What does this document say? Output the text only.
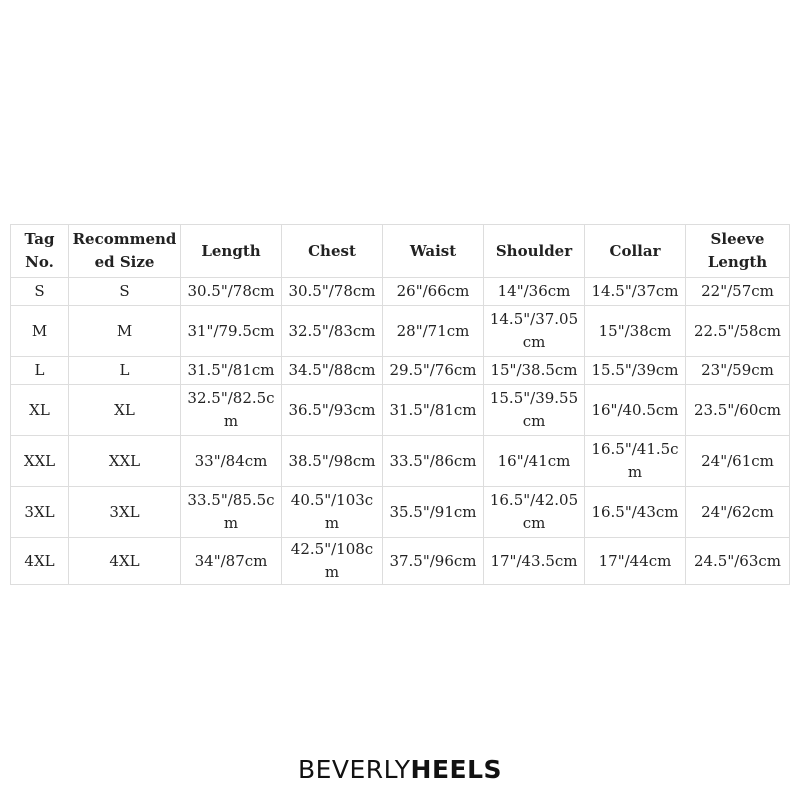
Tag No.	Recommended Size	Length	Chest	Waist	Shoulder	Collar	Sleeve Length
S	S	30.5"/78cm	30.5"/78cm	26"/66cm	14"/36cm	14.5"/37cm	22"/57cm
M	M	31"/79.5cm	32.5"/83cm	28"/71cm	14.5"/37.05cm	15"/38cm	22.5"/58cm
L	L	31.5"/81cm	34.5"/88cm	29.5"/76cm	15"/38.5cm	15.5"/39cm	23"/59cm
XL	XL	32.5"/82.5cm	36.5"/93cm	31.5"/81cm	15.5"/39.55cm	16"/40.5cm	23.5"/60cm
XXL	XXL	33"/84cm	38.5"/98cm	33.5"/86cm	16"/41cm	16.5"/41.5cm	24"/61cm
3XL	3XL	33.5"/85.5cm	40.5"/103cm	35.5"/91cm	16.5"/42.05cm	16.5"/43cm	24"/62cm
4XL	4XL	34"/87cm	42.5"/108cm	37.5"/96cm	17"/43.5cm	17"/44cm	24.5"/63cm
BEVERLYHEELS
